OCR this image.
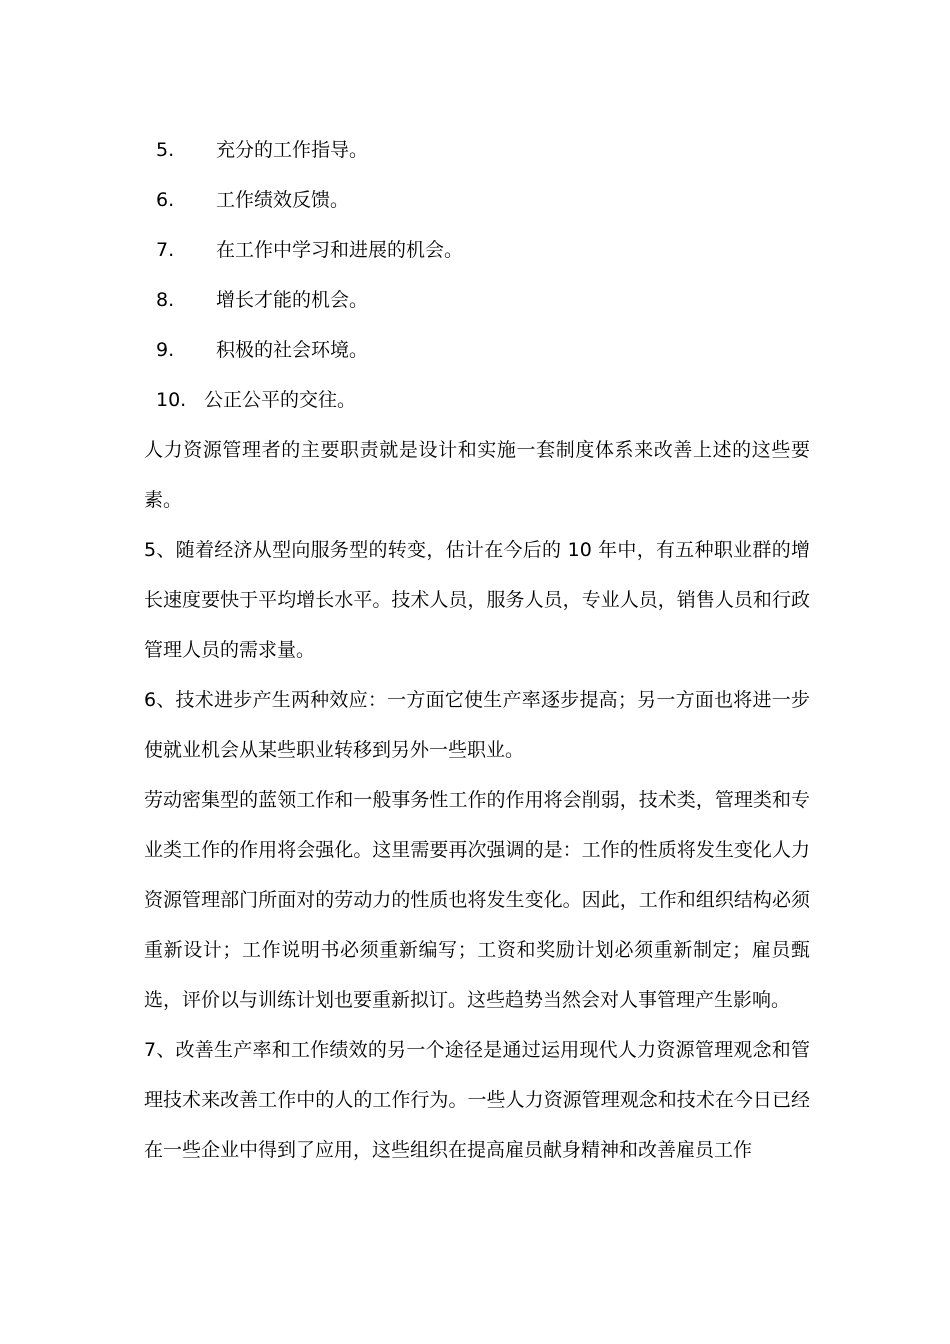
5.	充分的工作指导。
6.	工作绩效反馈。
7.	在工作中学习和进展的机会。
8.	增长才能的机会。
9.	积极的社会环境。
10. 公正公平的交往。

人力资源管理者的主要职责就是设计和实施一套制度体系来改善上述的这些要素。

5、随着经济从型向服务型的转变，估计在今后的 10 年中，有五种职业群的增长速度要快于平均增长水平。技术人员，服务人员，专业人员，销售人员和行政管理人员的需求量。

6、技术进步产生两种效应：一方面它使生产率逐步提高；另一方面也将进一步使就业机会从某些职业转移到另外一些职业。

劳动密集型的蓝领工作和一般事务性工作的作用将会削弱，技术类，管理类和专业类工作的作用将会强化。这里需要再次强调的是：工作的性质将发生变化人力资源管理部门所面对的劳动力的性质也将发生变化。因此，工作和组织结构必须重新设计；工作说明书必须重新编写；工资和奖励计划必须重新制定；雇员甄选，评价以与训练计划也要重新拟订。这些趋势当然会对人事管理产生影响。

7、改善生产率和工作绩效的另一个途径是通过运用现代人力资源管理观念和管理技术来改善工作中的人的工作行为。一些人力资源管理观念和技术在今日已经在一些企业中得到了应用，这些组织在提高雇员献身精神和改善雇员工作
